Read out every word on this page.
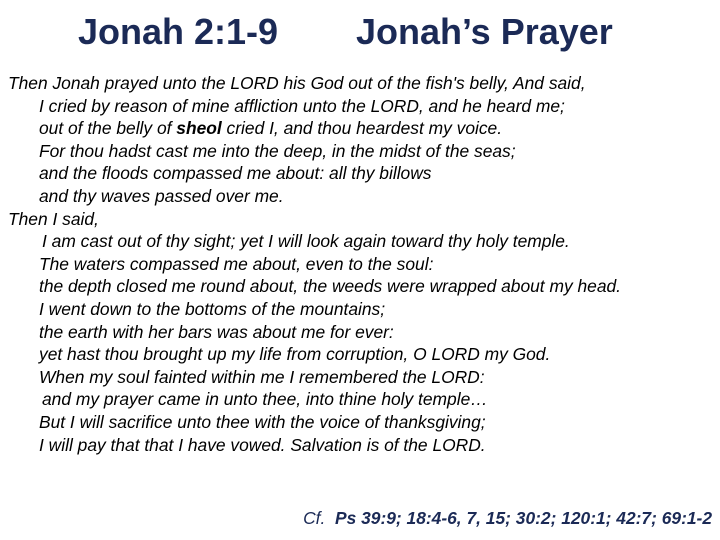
Jonah 2:1-9 Jonah’s Prayer
Then Jonah prayed unto the LORD his God out of the fish's belly, And said,
I cried by reason of mine affliction unto the LORD, and he heard me;
out of the belly of sheol cried I, and thou heardest my voice.
For thou hadst cast me into the deep, in the midst of the seas;
and the floods compassed me about: all thy billows
and thy waves passed over me.
Then I said,
I am cast out of thy sight; yet I will look again toward thy holy temple.
The waters compassed me about, even to the soul:
the depth closed me round about, the weeds were wrapped about my head.
I went down to the bottoms of the mountains;
the earth with her bars was about me for ever:
yet hast thou brought up my life from corruption, O LORD my God.
When my soul fainted within me I remembered the LORD:
and my prayer came in unto thee, into thine holy temple…
But I will sacrifice unto thee with the voice of thanksgiving;
I will pay that that I have vowed. Salvation is of the LORD.
Cf. Ps 39:9; 18:4-6, 7, 15; 30:2; 120:1; 42:7; 69:1-2
